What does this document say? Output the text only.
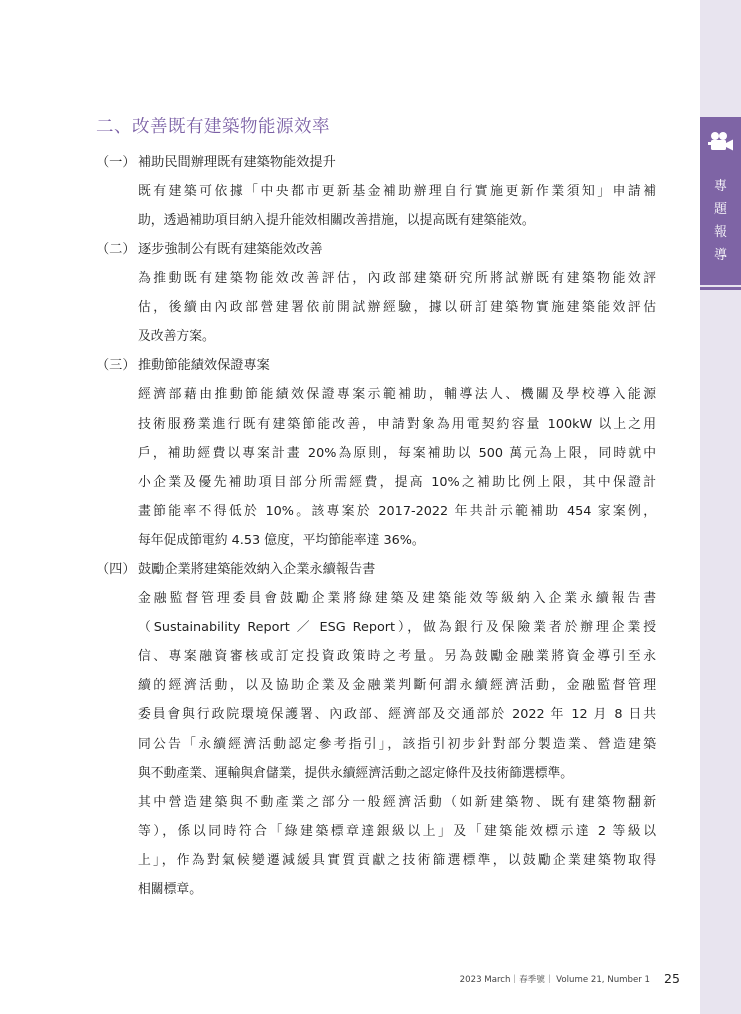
專
題
報
導
二、改善既有建築物能源效率
（一） 補助民間辦理既有建築物能效提升
既有建築可依據「中央都市更新基金補助辦理自行實施更新作業須知」申請補
助，透過補助項目納入提升能效相關改善措施，以提高既有建築能效。
（二） 逐步強制公有既有建築能效改善
為推動既有建築物能效改善評估，內政部建築研究所將試辦既有建築物能效評
估，後續由內政部營建署依前開試辦經驗，據以研訂建築物實施建築能效評估
及改善方案。
（三） 推動節能績效保證專案
經濟部藉由推動節能績效保證專案示範補助，輔導法人、機關及學校導入能源
技術服務業進行既有建築節能改善，申請對象為用電契約容量 100kW 以上之用
戶，補助經費以專案計畫 20%為原則，每案補助以 500 萬元為上限，同時就中
小企業及優先補助項目部分所需經費，提高 10%之補助比例上限，其中保證計
畫節能率不得低於 10%。該專案於 2017-2022 年共計示範補助 454 家案例，
每年促成節電約 4.53 億度，平均節能率達 36%。
（四） 鼓勵企業將建築能效納入企業永續報告書
金融監督管理委員會鼓勵企業將綠建築及建築能效等級納入企業永續報告書
（Sustainability Report ／ ESG Report），做為銀行及保險業者於辦理企業授
信、專案融資審核或訂定投資政策時之考量。另為鼓勵金融業將資金導引至永
續的經濟活動，以及協助企業及金融業判斷何謂永續經濟活動，金融監督管理
委員會與行政院環境保護署、內政部、經濟部及交通部於 2022 年 12 月 8 日共
同公告「永續經濟活動認定參考指引」，該指引初步針對部分製造業、營造建築
與不動產業、運輸與倉儲業，提供永續經濟活動之認定條件及技術篩選標準。
其中營造建築與不動產業之部分一般經濟活動（如新建築物、既有建築物翻新
等），係以同時符合「綠建築標章達銀級以上」及「建築能效標示達 2 等級以
上」，作為對氣候變遷減緩具實質貢獻之技術篩選標準，以鼓勵企業建築物取得
相關標章。
2023 March｜春季號｜ Volume 21, Number 1 25
